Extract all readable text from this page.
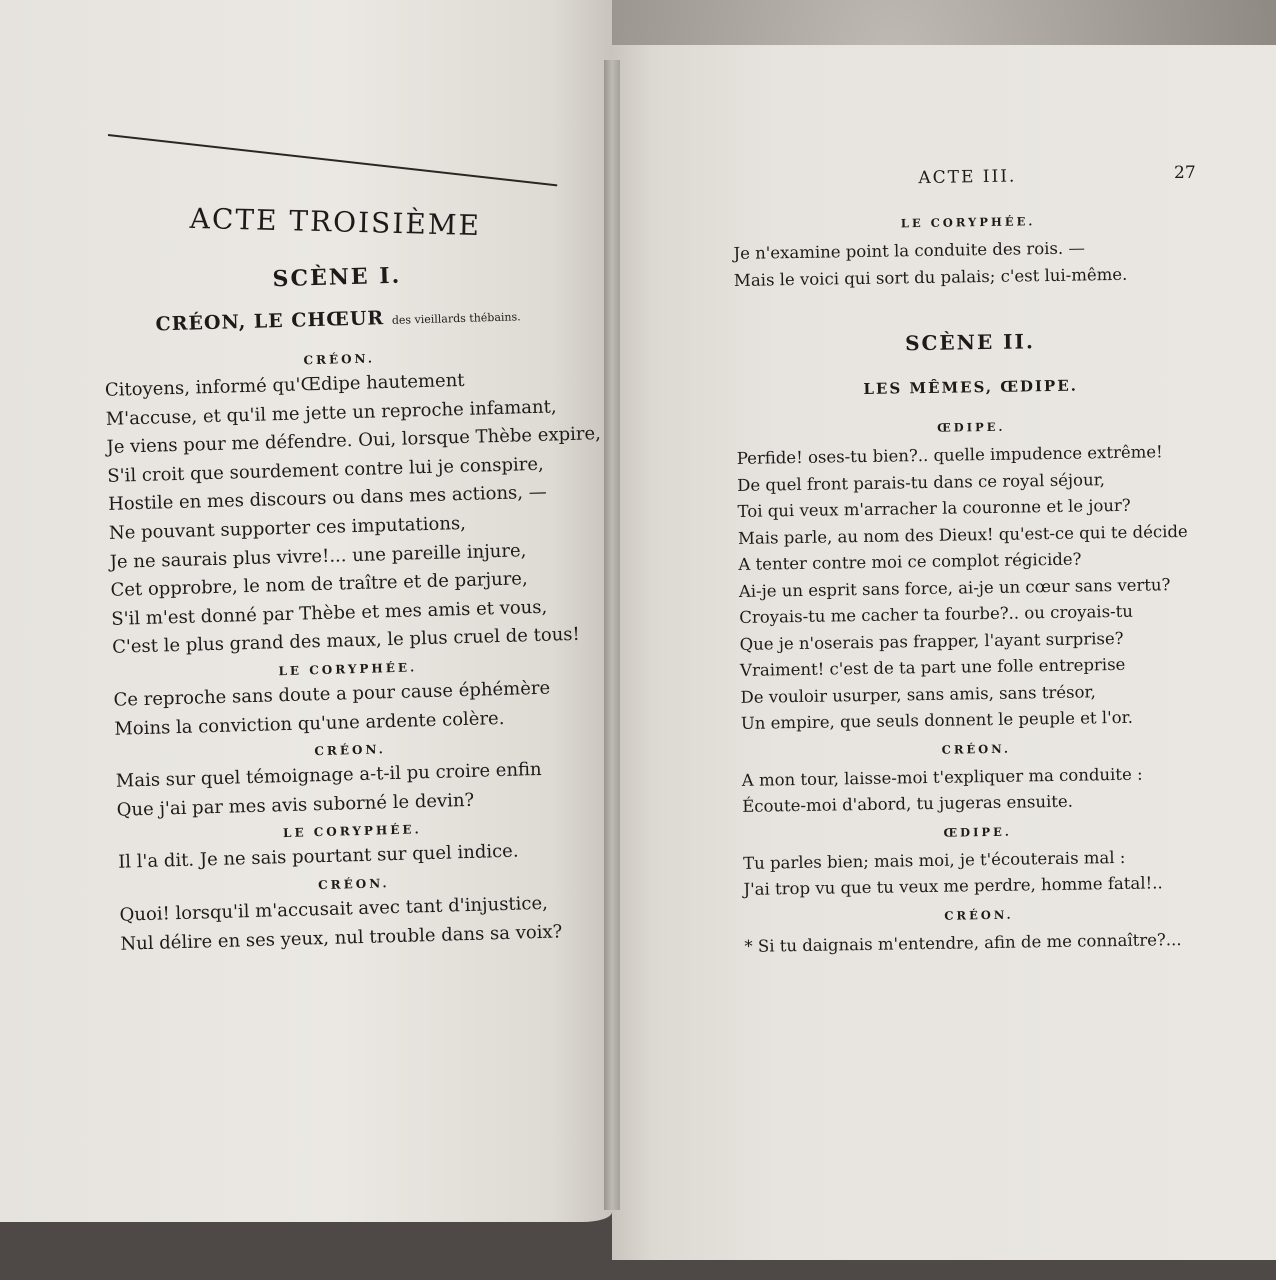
ACTE TROISIÈME
SCÈNE I.
CRÉON, LE CHŒUR des vieillards thébains.
CRÉON.
Citoyens, informé qu'Œdipe hautement
M'accuse, et qu'il me jette un reproche infamant,
Je viens pour me défendre. Oui, lorsque Thèbe expire,
S'il croit que sourdement contre lui je conspire,
Hostile en mes discours ou dans mes actions, —
Ne pouvant supporter ces imputations,
Je ne saurais plus vivre!... une pareille injure,
Cet opprobre, le nom de traître et de parjure,
S'il m'est donné par Thèbe et mes amis et vous,
C'est le plus grand des maux, le plus cruel de tous!
LE CORYPHÉE.
Ce reproche sans doute a pour cause éphémère
Moins la conviction qu'une ardente colère.
CRÉON.
Mais sur quel témoignage a-t-il pu croire enfin
Que j'ai par mes avis suborné le devin?
LE CORYPHÉE.
Il l'a dit. Je ne sais pourtant sur quel indice.
CRÉON.
Quoi! lorsqu'il m'accusait avec tant d'injustice,
Nul délire en ses yeux, nul trouble dans sa voix?
27
ACTE III.
LE CORYPHÉE.
Je n'examine point la conduite des rois. —
Mais le voici qui sort du palais; c'est lui-même.
SCÈNE II.
LES MÊMES, ŒDIPE.
ŒDIPE.
Perfide! oses-tu bien?.. quelle impudence extrême!
De quel front parais-tu dans ce royal séjour,
Toi qui veux m'arracher la couronne et le jour?
Mais parle, au nom des Dieux! qu'est-ce qui te décide
A tenter contre moi ce complot régicide?
Ai-je un esprit sans force, ai-je un cœur sans vertu?
Croyais-tu me cacher ta fourbe?.. ou croyais-tu
Que je n'oserais pas frapper, l'ayant surprise?
Vraiment! c'est de ta part une folle entreprise
De vouloir usurper, sans amis, sans trésor,
Un empire, que seuls donnent le peuple et l'or.
CRÉON.
A mon tour, laisse-moi t'expliquer ma conduite :
Écoute-moi d'abord, tu jugeras ensuite.
ŒDIPE.
Tu parles bien; mais moi, je t'écouterais mal :
J'ai trop vu que tu veux me perdre, homme fatal!..
CRÉON.
* Si tu daignais m'entendre, afin de me connaître?...
